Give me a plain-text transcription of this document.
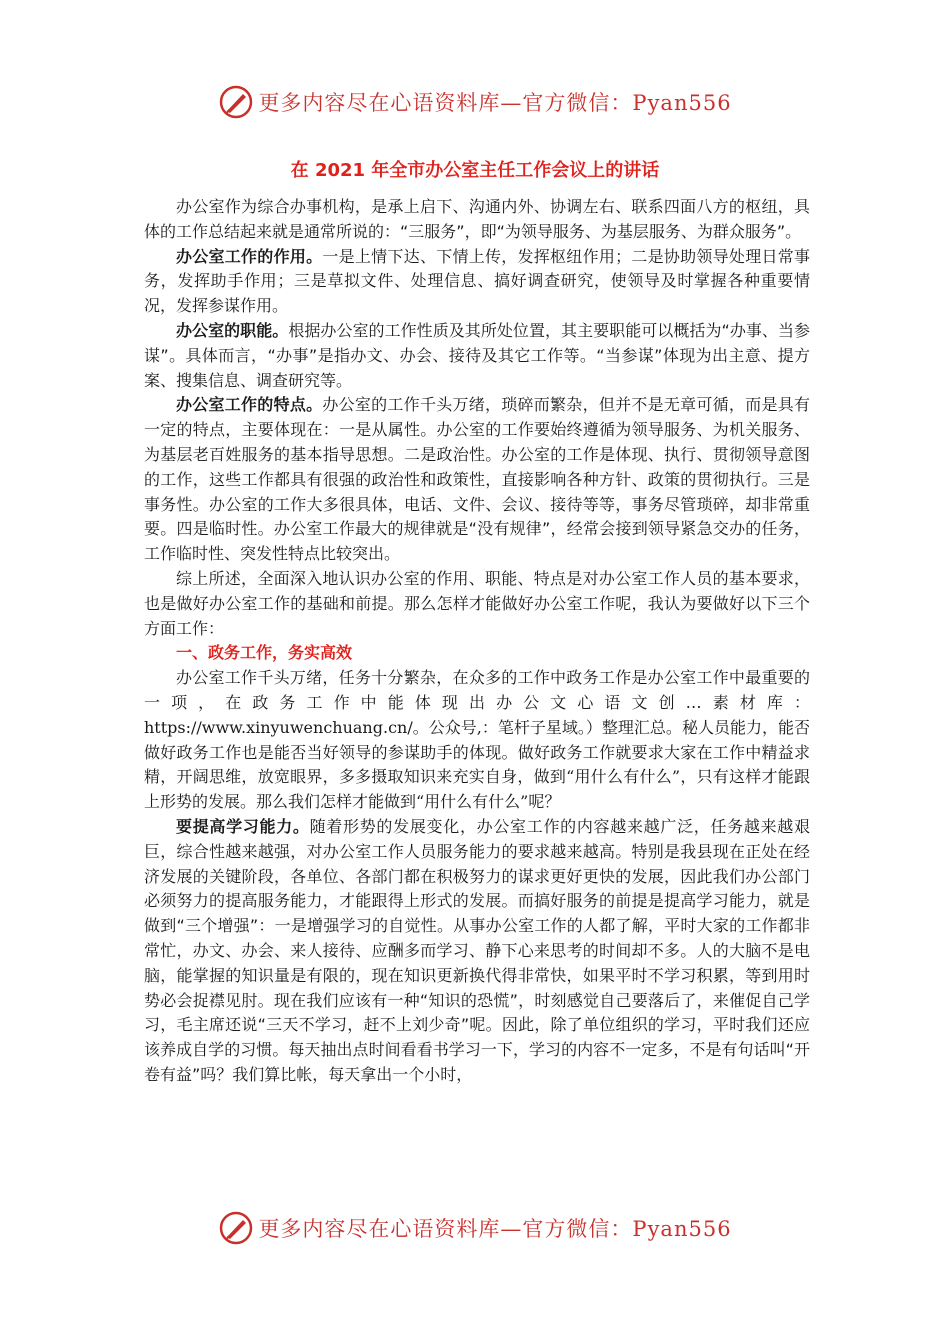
更多内容尽在心语资料库—官方微信：Pyan556
在 2021 年全市办公室主任工作会议上的讲话

办公室作为综合办事机构，是承上启下、沟通内外、协调左右、联系四面八方的枢纽，具体的工作总结起来就是通常所说的：“三服务”，即“为领导服务、为基层服务、为群众服务”。

办公室工作的作用。一是上情下达、下情上传，发挥枢纽作用；二是协助领导处理日常事务，发挥助手作用；三是草拟文件、处理信息、搞好调查研究，使领导及时掌握各种重要情况，发挥参谋作用。

办公室的职能。根据办公室的工作性质及其所处位置，其主要职能可以概括为“办事、当参谋”。具体而言，“办事”是指办文、办会、接待及其它工作等。“当参谋”体现为出主意、提方案、搜集信息、调查研究等。

办公室工作的特点。办公室的工作千头万绪，琐碎而繁杂，但并不是无章可循，而是具有一定的特点，主要体现在：一是从属性。办公室的工作要始终遵循为领导服务、为机关服务、为基层老百姓服务的基本指导思想。二是政治性。办公室的工作是体现、执行、贯彻领导意图的工作，这些工作都具有很强的政治性和政策性，直接影响各种方针、政策的贯彻执行。三是事务性。办公室的工作大多很具体，电话、文件、会议、接待等等，事务尽管琐碎，却非常重要。四是临时性。办公室工作最大的规律就是“没有规律”，经常会接到领导紧急交办的任务，工作临时性、突发性特点比较突出。

综上所述，全面深入地认识办公室的作用、职能、特点是对办公室工作人员的基本要求，也是做好办公室工作的基础和前提。那么怎样才能做好办公室工作呢，我认为要做好以下三个方面工作：

一、政务工作，务实高效

办公室工作千头万绪，任务十分繁杂，在众多的工作中政务工作是办公室工作中最重要的一项，在政务工作中能体现出办公文心语文创…素材库：https://www.xinyuwenchuang.cn/。公众号,：笔杆子星域。）整理汇总。秘人员能力，能否做好政务工作也是能否当好领导的参谋助手的体现。做好政务工作就要求大家在工作中精益求精，开阔思维，放宽眼界，多多摄取知识来充实自身，做到“用什么有什么”，只有这样才能跟上形势的发展。那么我们怎样才能做到“用什么有什么”呢？

要提高学习能力。随着形势的发展变化，办公室工作的内容越来越广泛，任务越来越艰巨，综合性越来越强，对办公室工作人员服务能力的要求越来越高。特别是我县现在正处在经济发展的关键阶段，各单位、各部门都在积极努力的谋求更好更快的发展，因此我们办公部门必须努力的提高服务能力，才能跟得上形式的发展。而搞好服务的前提是提高学习能力，就是做到“三个增强”：一是增强学习的自觉性。从事办公室工作的人都了解，平时大家的工作都非常忙，办文、办会、来人接待、应酬多而学习、静下心来思考的时间却不多。人的大脑不是电脑，能掌握的知识量是有限的，现在知识更新换代得非常快，如果平时不学习积累，等到用时势必会捉襟见肘。现在我们应该有一种“知识的恐慌”，时刻感觉自己要落后了，来催促自己学习，毛主席还说“三天不学习，赶不上刘少奇”呢。因此，除了单位组织的学习，平时我们还应该养成自学的习惯。每天抽出点时间看看书学习一下，学习的内容不一定多，不是有句话叫“开卷有益”吗？我们算比帐，每天拿出一个小时，

更多内容尽在心语资料库—官方微信：Pyan556
